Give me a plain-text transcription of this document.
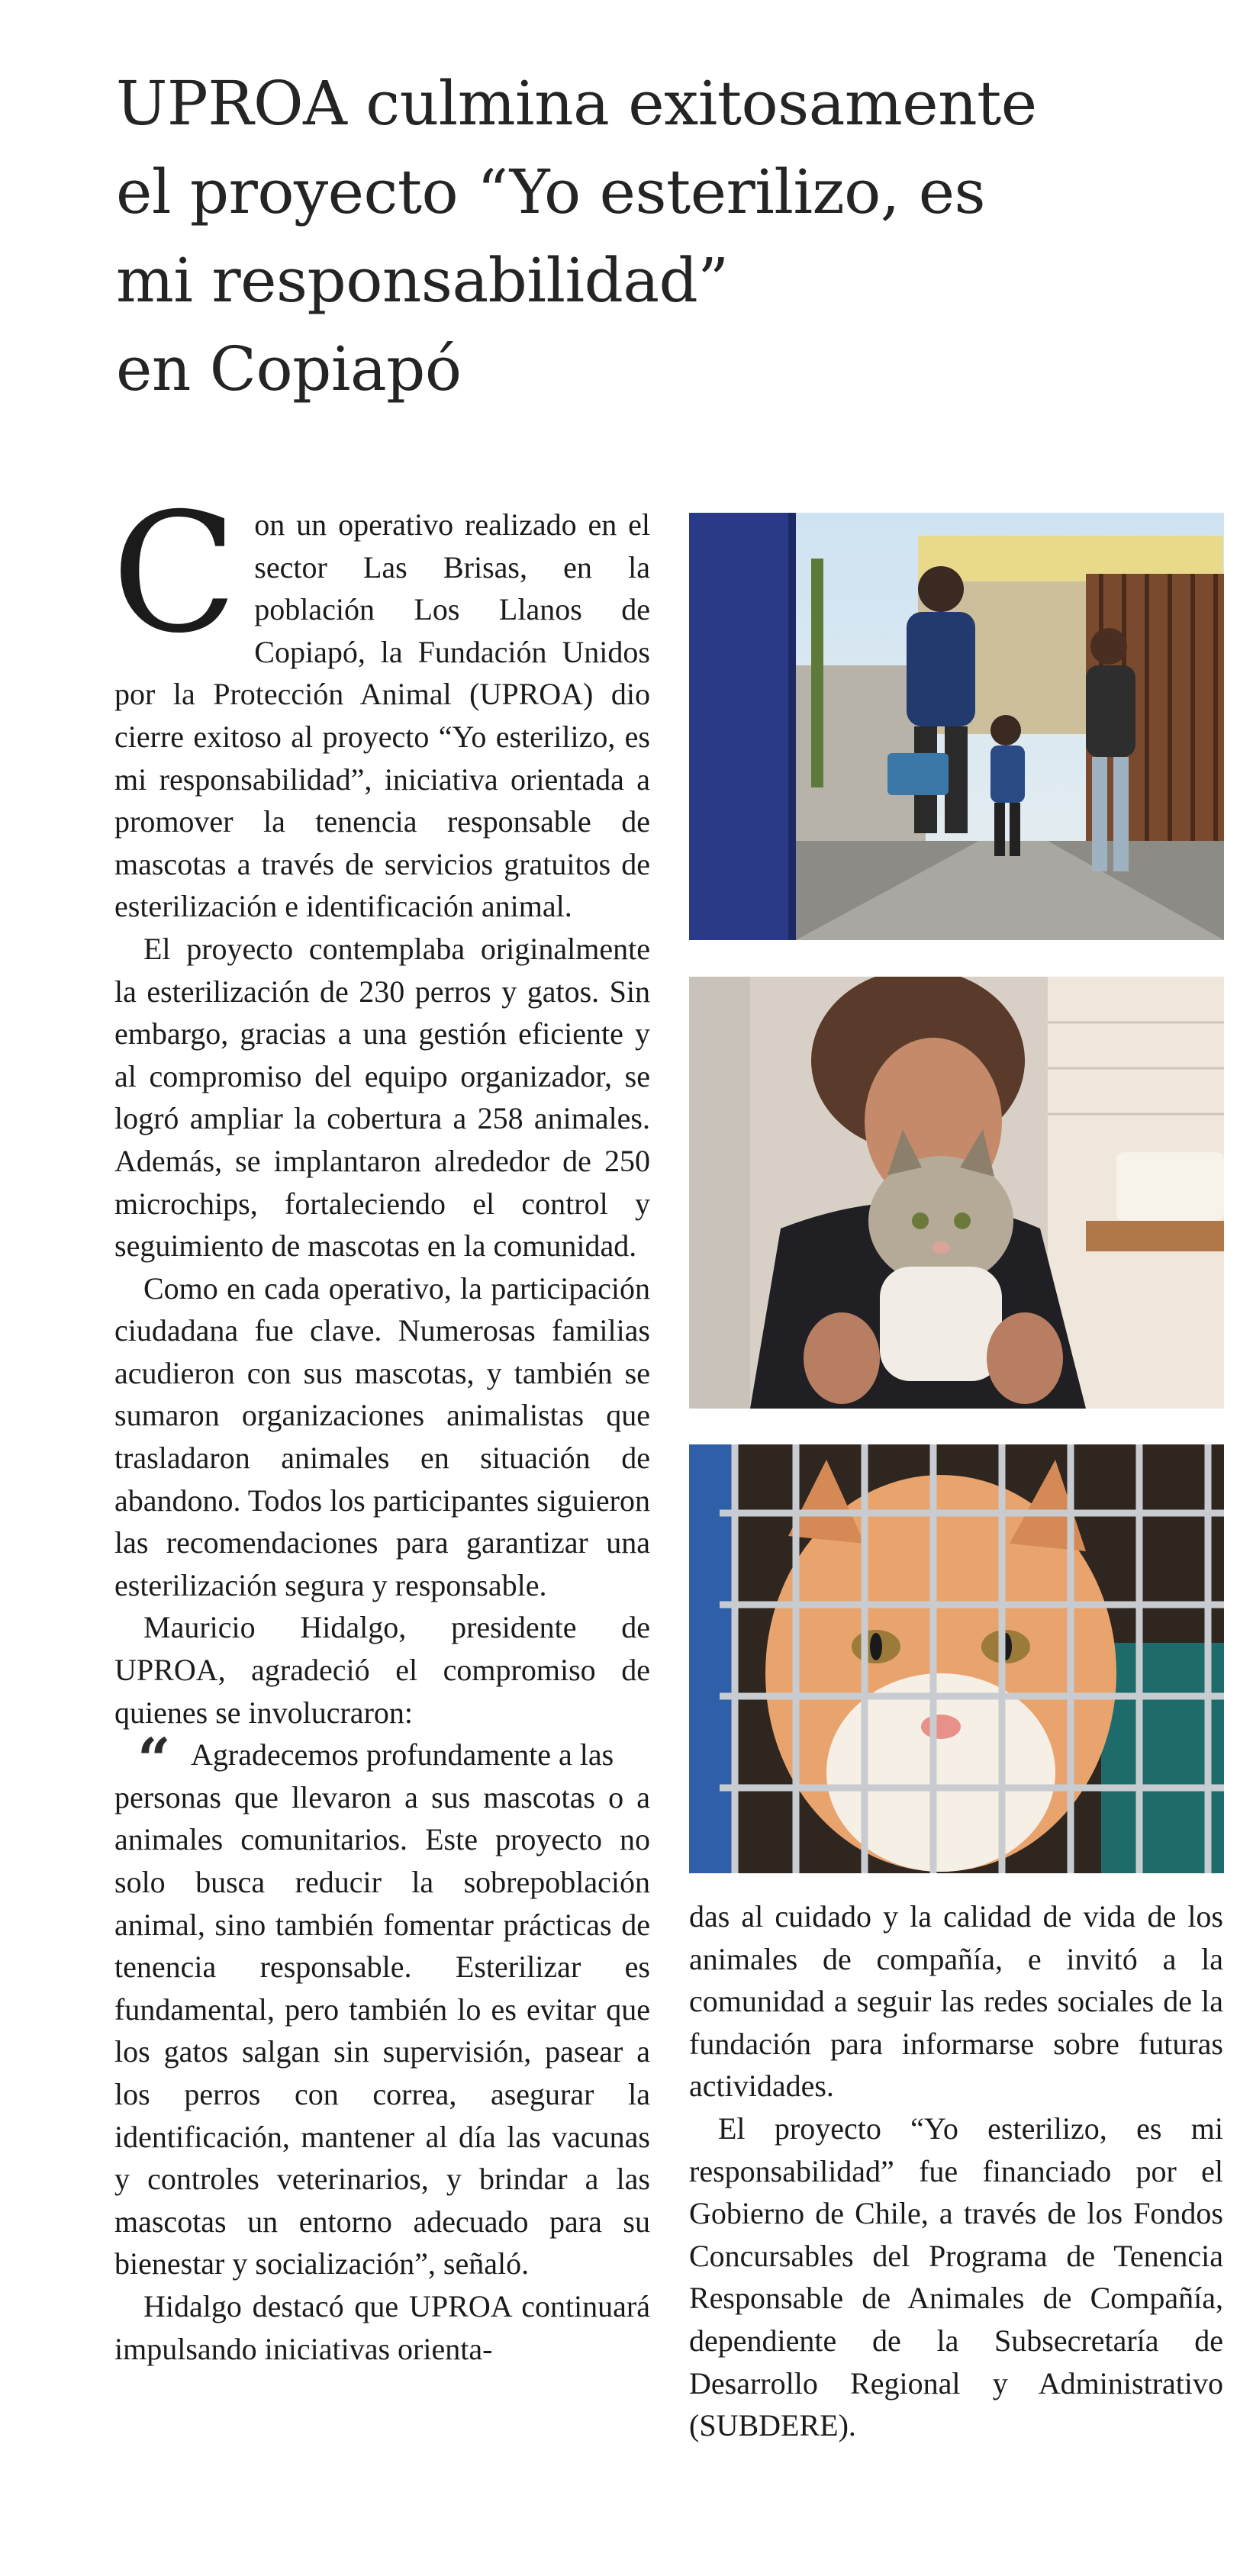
UPROA culmina exitosamente
el proyecto “Yo esterilizo, es
mi responsabilidad”
en Copiapó

Con un operativo realizado en el sector Las Brisas, en la población Los Llanos de Copiapó, la Fundación Unidos por la Protección Animal (UPROA) dio cierre exitoso al proyecto “Yo esterilizo, es mi responsabilidad”, iniciativa orientada a promover la tenencia responsable de mascotas a través de servicios gratuitos de esterilización e identificación animal.

El proyecto contemplaba originalmente la esterilización de 230 perros y gatos. Sin embargo, gracias a una gestión eficiente y al compromiso del equipo organizador, se logró ampliar la cobertura a 258 animales. Además, se implantaron alrededor de 250 microchips, fortaleciendo el control y seguimiento de mascotas en la comunidad.

Como en cada operativo, la participación ciudadana fue clave. Numerosas familias acudieron con sus mascotas, y también se sumaron organizaciones animalistas que trasladaron animales en situación de abandono. Todos los participantes siguieron las recomendaciones para garantizar una esterilización segura y responsable.

Mauricio Hidalgo, presidente de UPROA, agradeció el compromiso de quienes se involucraron:

“ Agradecemos profundamente a las
personas que llevaron a sus mascotas o a animales comunitarios. Este proyecto no solo busca reducir la sobrepoblación animal, sino también fomentar prácticas de tenencia responsable. Esterilizar es fundamental, pero también lo es evitar que los gatos salgan sin supervisión, pasear a los perros con correa, asegurar la identificación, mantener al día las vacunas y controles veterinarios, y brindar a las mascotas un entorno adecuado para su bienestar y socialización”, señaló.

Hidalgo destacó que UPROA continuará impulsando iniciativas orienta-

das al cuidado y la calidad de vida de los animales de compañía, e invitó a la comunidad a seguir las redes sociales de la fundación para informarse sobre futuras actividades.

El proyecto “Yo esterilizo, es mi responsabilidad” fue financiado por el Gobierno de Chile, a través de los Fondos Concursables del Programa de Tenencia Responsable de Animales de Compañía, dependiente de la Subsecretaría de Desarrollo Regional y Administrativo (SUBDERE).
